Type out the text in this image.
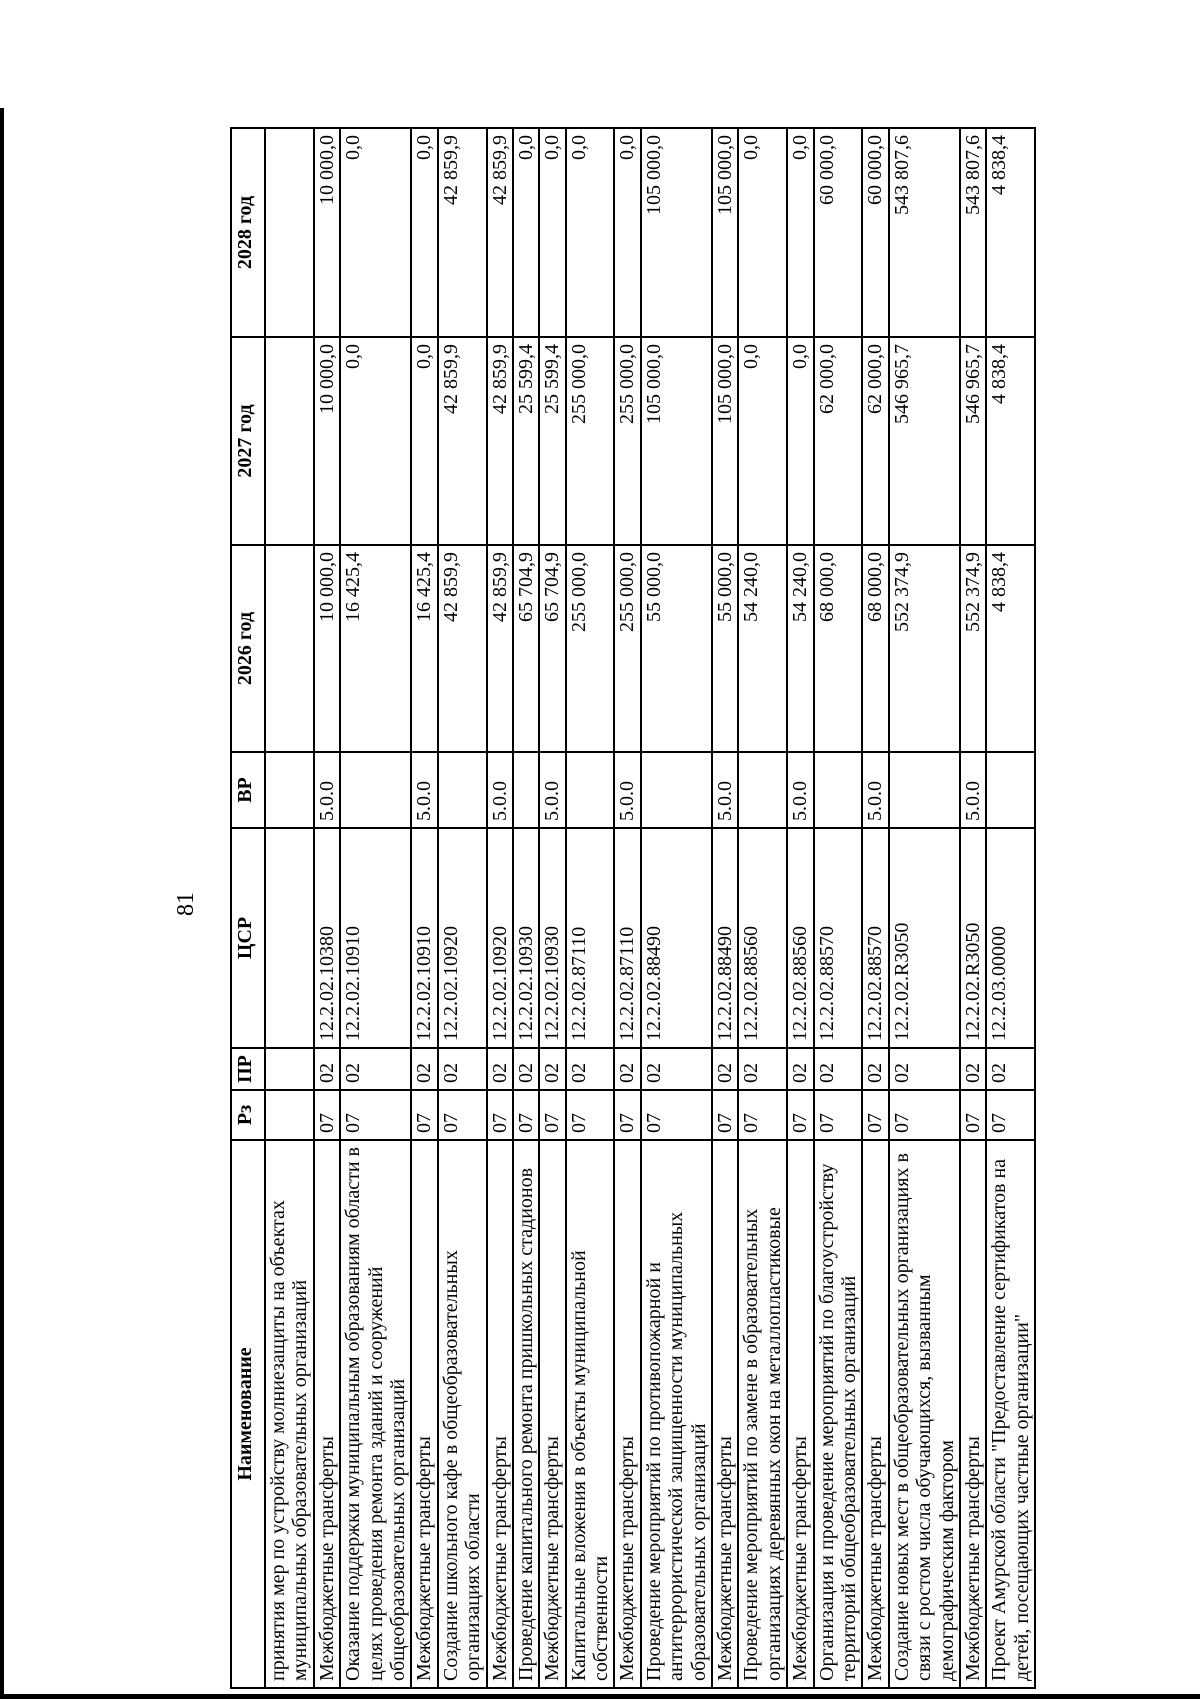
81
Наименование	Рз	ПР	ЦСР	ВР	2026 год	2027 год	2028 год
принятия мер по устройству молниезащиты на объектах муниципальных образовательных организаций							
Межбюджетные трансферты	07	02	12.2.02.10380	5.0.0	10 000,0	10 000,0	10 000,0
Оказание поддержки муниципальным образованиям области в целях проведения ремонта зданий и сооружений общеобразовательных организаций	07	02	12.2.02.10910		16 425,4	0,0	0,0
Межбюджетные трансферты	07	02	12.2.02.10910	5.0.0	16 425,4	0,0	0,0
Создание школьного кафе в общеобразовательных организациях области	07	02	12.2.02.10920		42 859,9	42 859,9	42 859,9
Межбюджетные трансферты	07	02	12.2.02.10920	5.0.0	42 859,9	42 859,9	42 859,9
Проведение капитального ремонта пришкольных стадионов	07	02	12.2.02.10930		65 704,9	25 599,4	0,0
Межбюджетные трансферты	07	02	12.2.02.10930	5.0.0	65 704,9	25 599,4	0,0
Капитальные вложения в объекты муниципальной собственности	07	02	12.2.02.87110		255 000,0	255 000,0	0,0
Межбюджетные трансферты	07	02	12.2.02.87110	5.0.0	255 000,0	255 000,0	0,0
Проведение мероприятий по противопожарной и антитеррористической защищенности муниципальных образовательных организаций	07	02	12.2.02.88490		55 000,0	105 000,0	105 000,0
Межбюджетные трансферты	07	02	12.2.02.88490	5.0.0	55 000,0	105 000,0	105 000,0
Проведение мероприятий по замене в образовательных организациях деревянных окон на металлопластиковые	07	02	12.2.02.88560		54 240,0	0,0	0,0
Межбюджетные трансферты	07	02	12.2.02.88560	5.0.0	54 240,0	0,0	0,0
Организация и проведение мероприятий по благоустройству территорий общеобразовательных организаций	07	02	12.2.02.88570		68 000,0	62 000,0	60 000,0
Межбюджетные трансферты	07	02	12.2.02.88570	5.0.0	68 000,0	62 000,0	60 000,0
Создание новых мест в общеобразовательных организациях в связи с ростом числа обучающихся, вызванным демографическим фактором	07	02	12.2.02.R3050		552 374,9	546 965,7	543 807,6
Межбюджетные трансферты	07	02	12.2.02.R3050	5.0.0	552 374,9	546 965,7	543 807,6
Проект Амурской области "Предоставление сертификатов на детей, посещающих частные организации"	07	02	12.2.03.00000		4 838,4	4 838,4	4 838,4
